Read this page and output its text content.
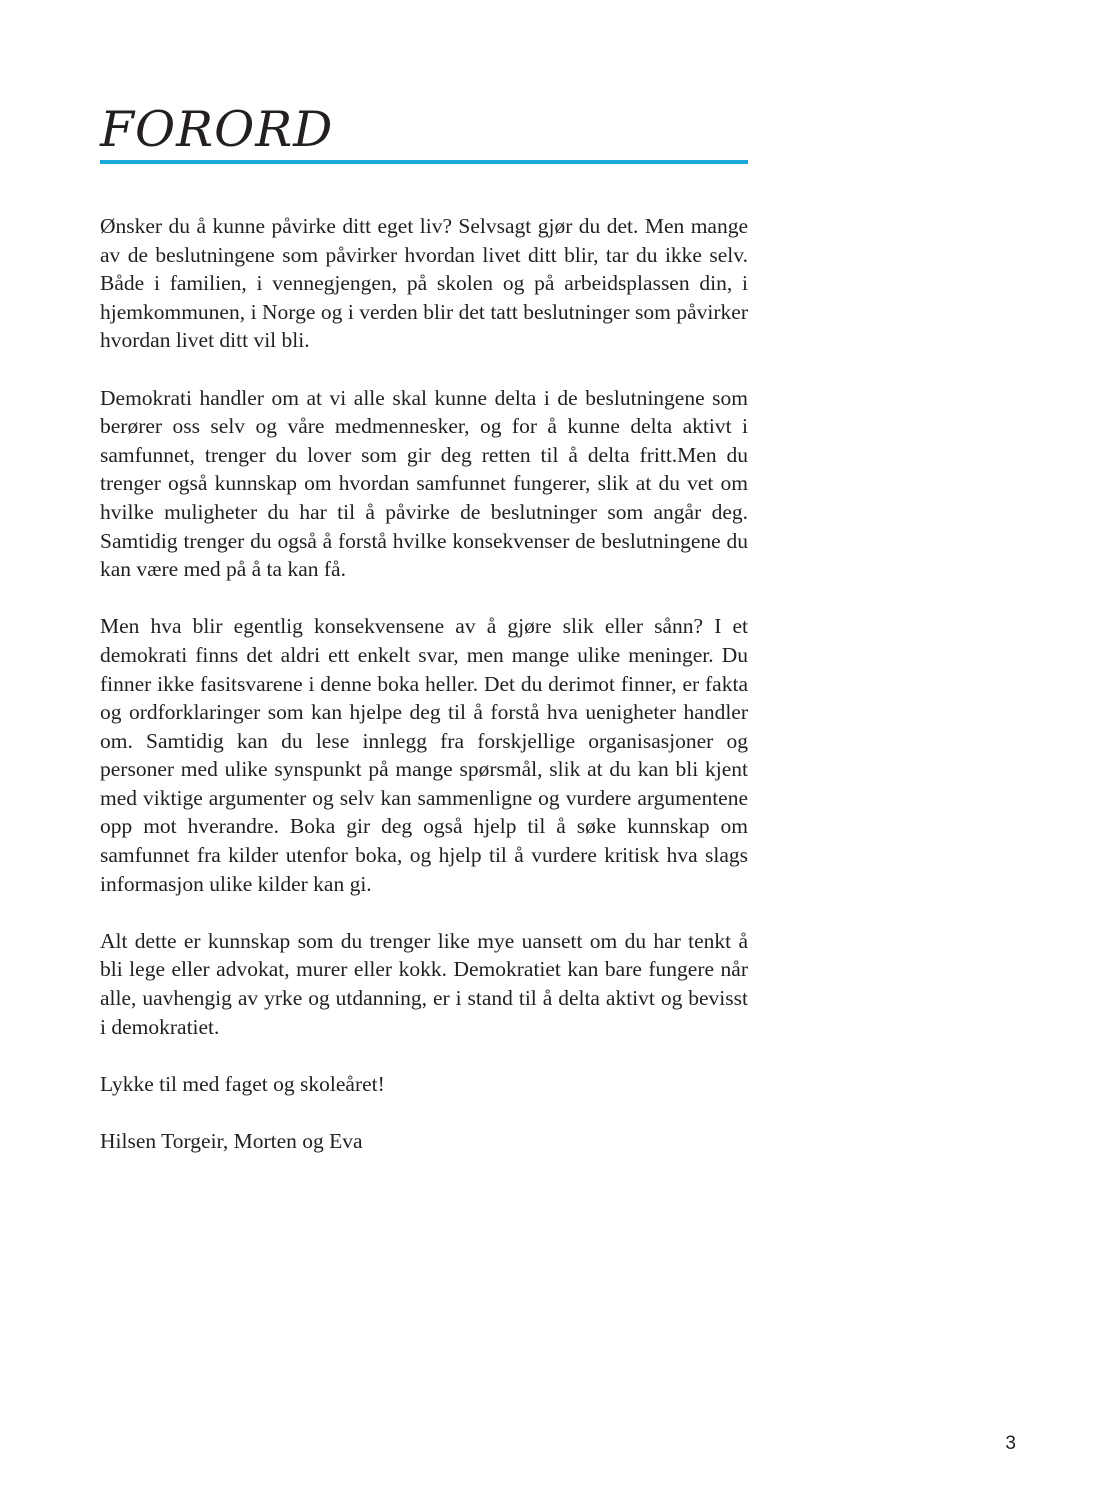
FORORD

Ønsker du å kunne påvirke ditt eget liv? Selvsagt gjør du det. Men mange av de beslutningene som påvirker hvordan livet ditt blir, tar du ikke selv. Både i familien, i vennegjengen, på skolen og på arbeidsplassen din, i hjemkommunen, i Norge og i verden blir det tatt beslutninger som påvirker hvordan livet ditt vil bli.

Demokrati handler om at vi alle skal kunne delta i de beslutningene som berører oss selv og våre medmennesker, og for å kunne delta aktivt i samfunnet, trenger du lover som gir deg retten til å delta fritt.Men du trenger også kunnskap om hvordan samfunnet fungerer, slik at du vet om hvilke muligheter du har til å påvirke de beslutninger som angår deg. Samtidig trenger du også å forstå hvilke konsekvenser de beslutningene du kan være med på å ta kan få.

Men hva blir egentlig konsekvensene av å gjøre slik eller sånn? I et demokrati finns det aldri ett enkelt svar, men mange ulike meninger. Du finner ikke fasitsvarene i denne boka heller. Det du derimot finner, er fakta og ordforklaringer som kan hjelpe deg til å forstå hva uenigheter handler om. Samtidig kan du lese innlegg fra forskjellige organisasjoner og personer med ulike synspunkt på mange spørsmål, slik at du kan bli kjent med viktige argumenter og selv kan sammenligne og vurdere argumentene opp mot hverandre. Boka gir deg også hjelp til å søke kunnskap om samfunnet fra kilder utenfor boka, og hjelp til å vurdere kritisk hva slags informasjon ulike kilder kan gi.

Alt dette er kunnskap som du trenger like mye uansett om du har tenkt å bli lege eller advokat, murer eller kokk. Demokratiet kan bare fungere når alle, uavhengig av yrke og utdanning, er i stand til å delta aktivt og bevisst i demokratiet.

Lykke til med faget og skoleåret!

Hilsen Torgeir, Morten og Eva

3
